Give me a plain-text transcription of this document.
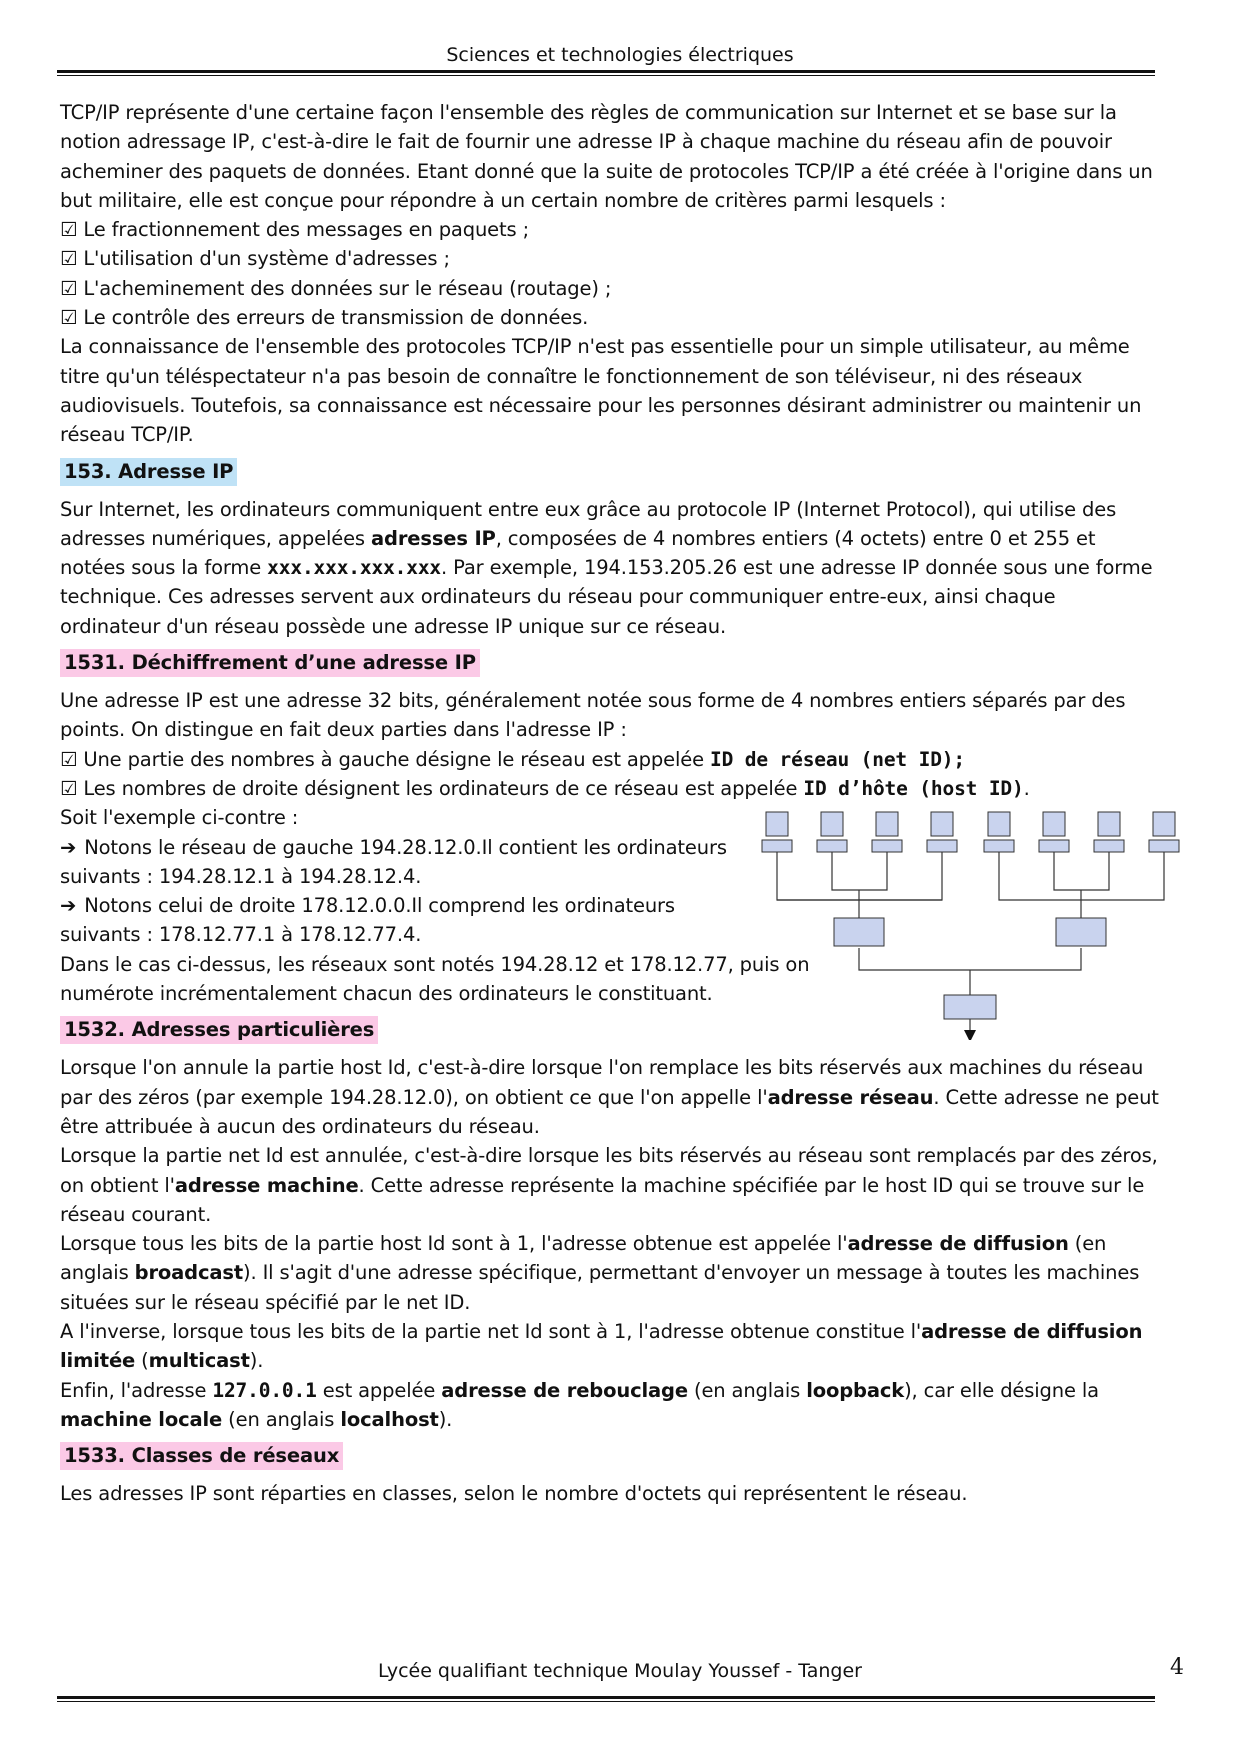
Sciences et technologies électriques

TCP/IP représente d'une certaine façon l'ensemble des règles de communication sur Internet et se base sur la notion adressage IP, c'est-à-dire le fait de fournir une adresse IP à chaque machine du réseau afin de pouvoir acheminer des paquets de données. Etant donné que la suite de protocoles TCP/IP a été créée à l'origine dans un but militaire, elle est conçue pour répondre à un certain nombre de critères parmi lesquels :

☑ Le fractionnement des messages en paquets ;

☑ L'utilisation d'un système d'adresses ;

☑ L'acheminement des données sur le réseau (routage) ;

☑ Le contrôle des erreurs de transmission de données.

La connaissance de l'ensemble des protocoles TCP/IP n'est pas essentielle pour un simple utilisateur, au même titre qu'un téléspectateur n'a pas besoin de connaître le fonctionnement de son téléviseur, ni des réseaux audiovisuels. Toutefois, sa connaissance est nécessaire pour les personnes désirant administrer ou maintenir un réseau TCP/IP.

153. Adresse IP

Sur Internet, les ordinateurs communiquent entre eux grâce au protocole IP (Internet Protocol), qui utilise des adresses numériques, appelées adresses IP, composées de 4 nombres entiers (4 octets) entre 0 et 255 et notées sous la forme xxx.xxx.xxx.xxx. Par exemple, 194.153.205.26 est une adresse IP donnée sous une forme technique. Ces adresses servent aux ordinateurs du réseau pour communiquer entre-eux, ainsi chaque ordinateur d'un réseau possède une adresse IP unique sur ce réseau.

1531. Déchiffrement d’une adresse IP

Une adresse IP est une adresse 32 bits, généralement notée sous forme de 4 nombres entiers séparés par des points. On distingue en fait deux parties dans l'adresse IP :

☑ Une partie des nombres à gauche désigne le réseau est appelée ID de réseau (net ID);

☑ Les nombres de droite désignent les ordinateurs de ce réseau est appelée ID d’hôte (host ID).

Soit l'exemple ci-contre :

➔ Notons le réseau de gauche 194.28.12.0.Il contient les ordinateurs

suivants : 194.28.12.1 à 194.28.12.4.

➔ Notons celui de droite 178.12.0.0.Il comprend les ordinateurs

suivants : 178.12.77.1 à 178.12.77.4.

Dans le cas ci-dessus, les réseaux sont notés 194.28.12 et 178.12.77, puis on

numérote incrémentalement chacun des ordinateurs le constituant.

1532. Adresses particulières

Lorsque l'on annule la partie host Id, c'est-à-dire lorsque l'on remplace les bits réservés aux machines du réseau par des zéros (par exemple 194.28.12.0), on obtient ce que l'on appelle l'adresse réseau. Cette adresse ne peut être attribuée à aucun des ordinateurs du réseau.

Lorsque la partie net Id est annulée, c'est-à-dire lorsque les bits réservés au réseau sont remplacés par des zéros, on obtient l'adresse machine. Cette adresse représente la machine spécifiée par le host ID qui se trouve sur le réseau courant.

Lorsque tous les bits de la partie host Id sont à 1, l'adresse obtenue est appelée l'adresse de diffusion (en anglais broadcast). Il s'agit d'une adresse spécifique, permettant d'envoyer un message à toutes les machines situées sur le réseau spécifié par le net ID.

A l'inverse, lorsque tous les bits de la partie net Id sont à 1, l'adresse obtenue constitue l'adresse de diffusion limitée (multicast).

Enfin, l'adresse 127.0.0.1 est appelée adresse de rebouclage (en anglais loopback), car elle désigne la machine locale (en anglais localhost).

1533. Classes de réseaux

Les adresses IP sont réparties en classes, selon le nombre d'octets qui représentent le réseau.

Lycée qualifiant technique Moulay Youssef - Tanger	4
